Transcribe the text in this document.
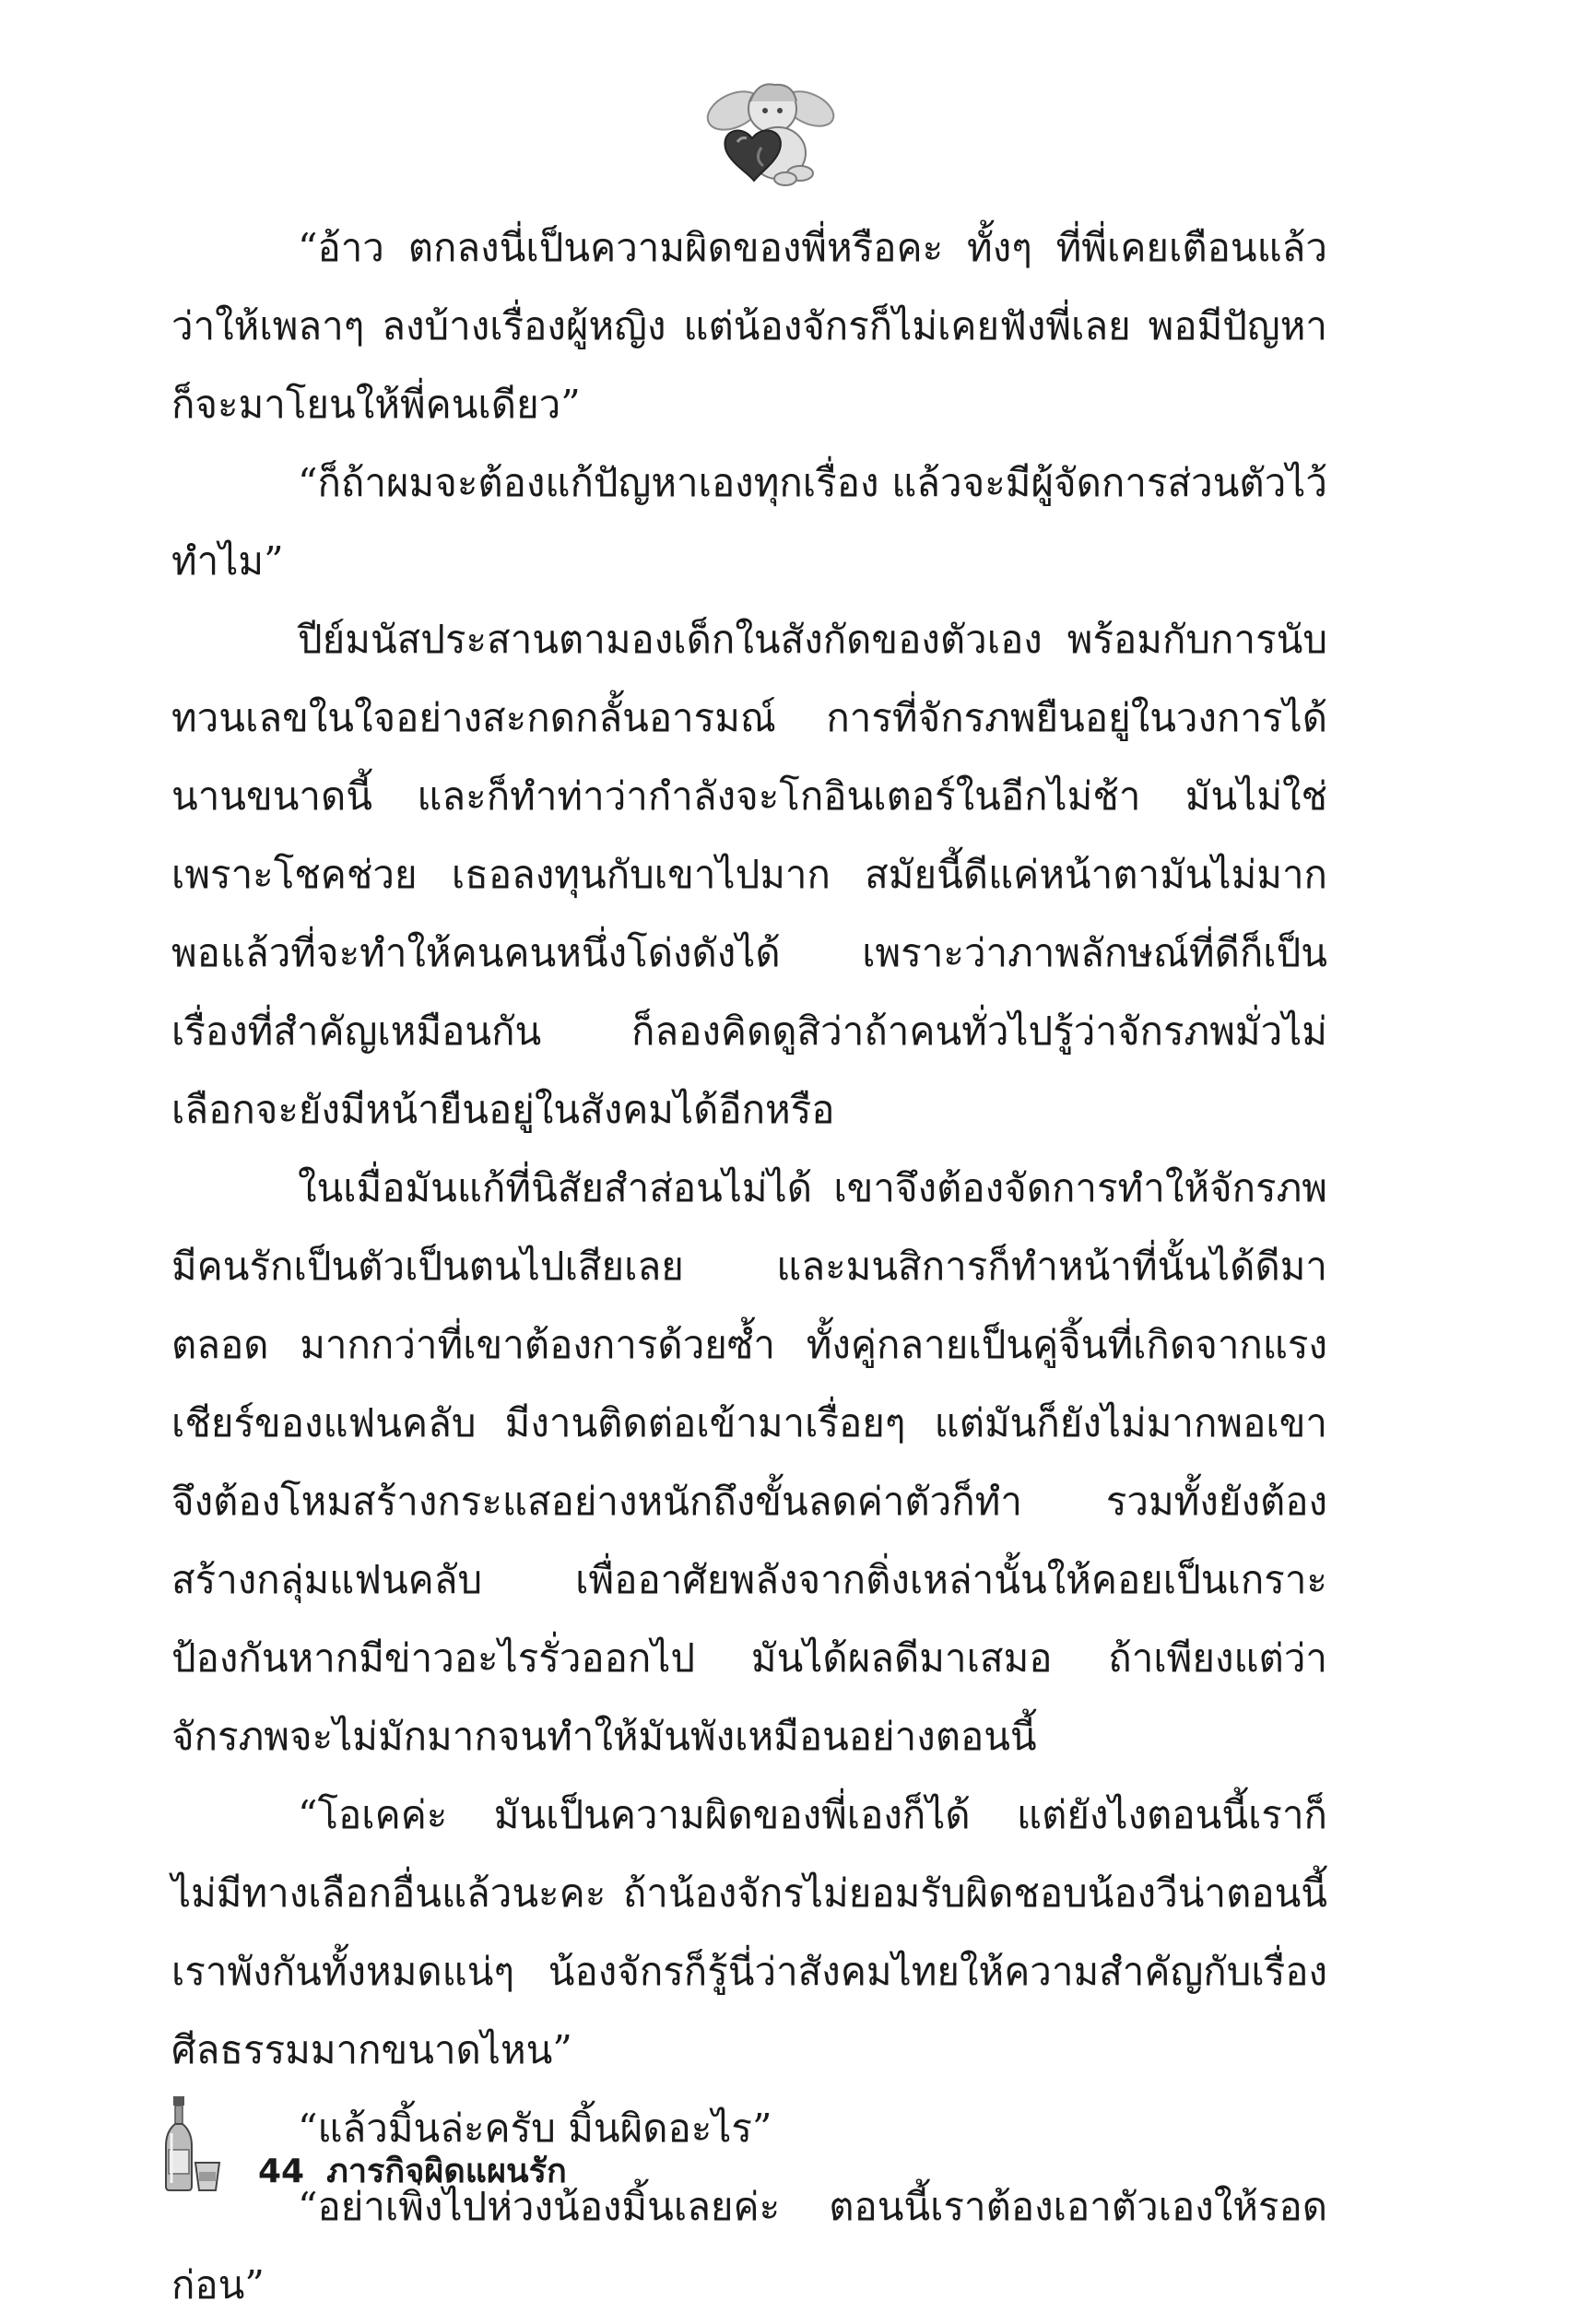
“อ้าว ตกลงนี่เป็นความผิดของพี่หรือคะ ทั้งๆ ที่พี่เคยเตือนแล้วว่าให้เพลาๆ ลงบ้างเรื่องผู้หญิง แต่น้องจักรก็ไม่เคยฟังพี่เลย พอมีปัญหาก็จะมาโยนให้พี่คนเดียว”

“ก็ถ้าผมจะต้องแก้ปัญหาเองทุกเรื่อง แล้วจะมีผู้จัดการส่วนตัวไว้ทำไม”

ปีย์มนัสประสานตามองเด็กในสังกัดของตัวเอง พร้อมกับการนับทวนเลขในใจอย่างสะกดกลั้นอารมณ์ การที่จักรภพยืนอยู่ในวงการได้นานขนาดนี้ และก็ทำท่าว่ากำลังจะโกอินเตอร์ในอีกไม่ช้า มันไม่ใช่เพราะโชคช่วย เธอลงทุนกับเขาไปมาก สมัยนี้ดีแค่หน้าตามันไม่มากพอแล้วที่จะทำให้คนคนหนึ่งโด่งดังได้ เพราะว่าภาพลักษณ์ที่ดีก็เป็นเรื่องที่สำคัญเหมือนกัน ก็ลองคิดดูสิว่าถ้าคนทั่วไปรู้ว่าจักรภพมั่วไม่เลือกจะยังมีหน้ายืนอยู่ในสังคมได้อีกหรือ

ในเมื่อมันแก้ที่นิสัยสำส่อนไม่ได้ เขาจึงต้องจัดการทำให้จักรภพมีคนรักเป็นตัวเป็นตนไปเสียเลย และมนสิการก็ทำหน้าที่นั้นได้ดีมาตลอด มากกว่าที่เขาต้องการด้วยซ้ำ ทั้งคู่กลายเป็นคู่จิ้นที่เกิดจากแรงเชียร์ของแฟนคลับ มีงานติดต่อเข้ามาเรื่อยๆ แต่มันก็ยังไม่มากพอเขาจึงต้องโหมสร้างกระแสอย่างหนักถึงขั้นลดค่าตัวก็ทำ รวมทั้งยังต้องสร้างกลุ่มแฟนคลับ เพื่ออาศัยพลังจากติ่งเหล่านั้นให้คอยเป็นเกราะป้องกันหากมีข่าวอะไรรั่วออกไป มันได้ผลดีมาเสมอ ถ้าเพียงแต่ว่าจักรภพจะไม่มักมากจนทำให้มันพังเหมือนอย่างตอนนี้

“โอเคค่ะ มันเป็นความผิดของพี่เองก็ได้ แต่ยังไงตอนนี้เราก็ไม่มีทางเลือกอื่นแล้วนะคะ ถ้าน้องจักรไม่ยอมรับผิดชอบน้องวีน่าตอนนี้ เราพังกันทั้งหมดแน่ๆ น้องจักรก็รู้นี่ว่าสังคมไทยให้ความสำคัญกับเรื่องศีลธรรมมากขนาดไหน”

“แล้วมิ้นล่ะครับ มิ้นผิดอะไร”

“อย่าเพิ่งไปห่วงน้องมิ้นเลยค่ะ ตอนนี้เราต้องเอาตัวเองให้รอดก่อน”

44 ภารกิจผิดแผนรัก
